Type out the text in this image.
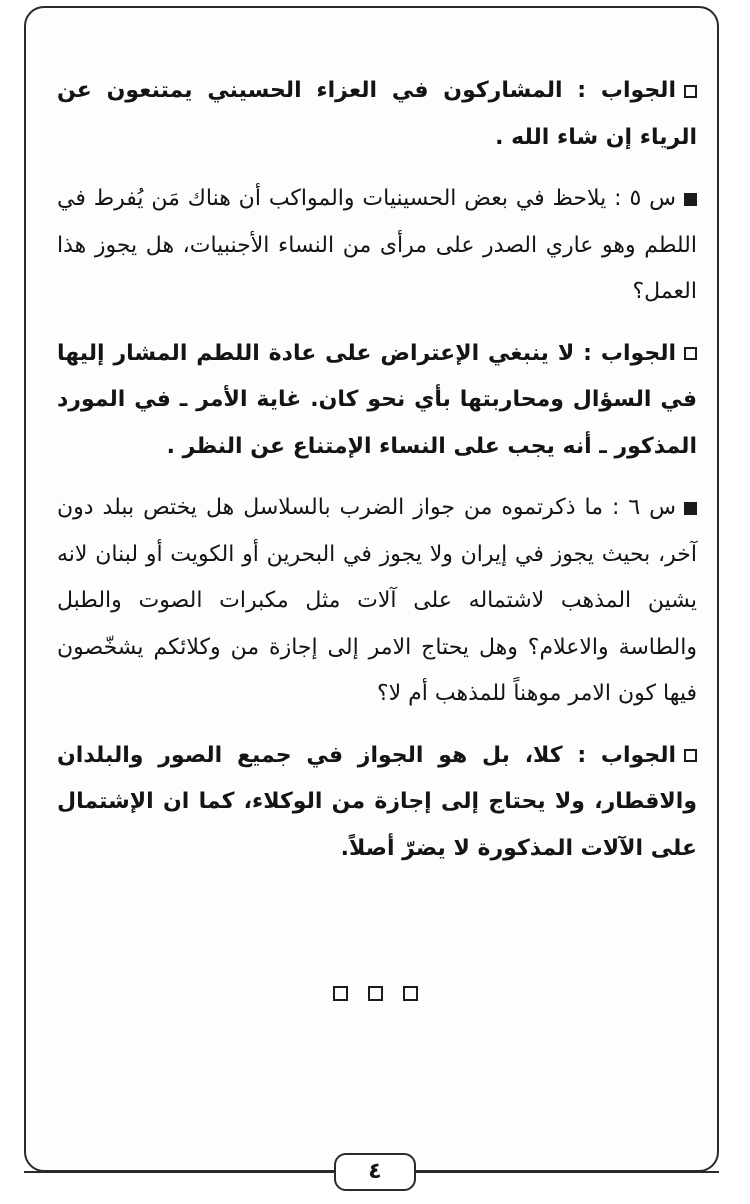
الجواب : المشاركون في العزاء الحسيني يمتنعون عن الرياء إن شاء الله .

س ٥ : يلاحظ في بعض الحسينيات والمواكب أن هناك مَن يُفرط في اللطم وهو عاري الصدر على مرأى من النساء الأجنبيات، هل يجوز هذا العمل؟

الجواب : لا ينبغي الإعتراض على عادة اللطم المشار إليها في السؤال ومحاربتها بأي نحو كان. غاية الأمر ـ في المورد المذكور ـ أنه يجب على النساء الإمتناع عن النظر .

س ٦ : ما ذكرتموه من جواز الضرب بالسلاسل هل يختص ببلد دون آخر، بحيث يجوز في إيران ولا يجوز في البحرين أو الكويت أو لبنان لانه يشين المذهب لاشتماله على آلات مثل مكبرات الصوت والطبل والطاسة والاعلام؟ وهل يحتاج الامر إلى إجازة من وكلائكم يشخّصون فيها كون الامر موهناً للمذهب أم لا؟

الجواب : كلا، بل هو الجواز في جميع الصور والبلدان والاقطار، ولا يحتاج إلى إجازة من الوكلاء، كما ان الإشتمال على الآلات المذكورة لا يضرّ أصلاً.

٤
